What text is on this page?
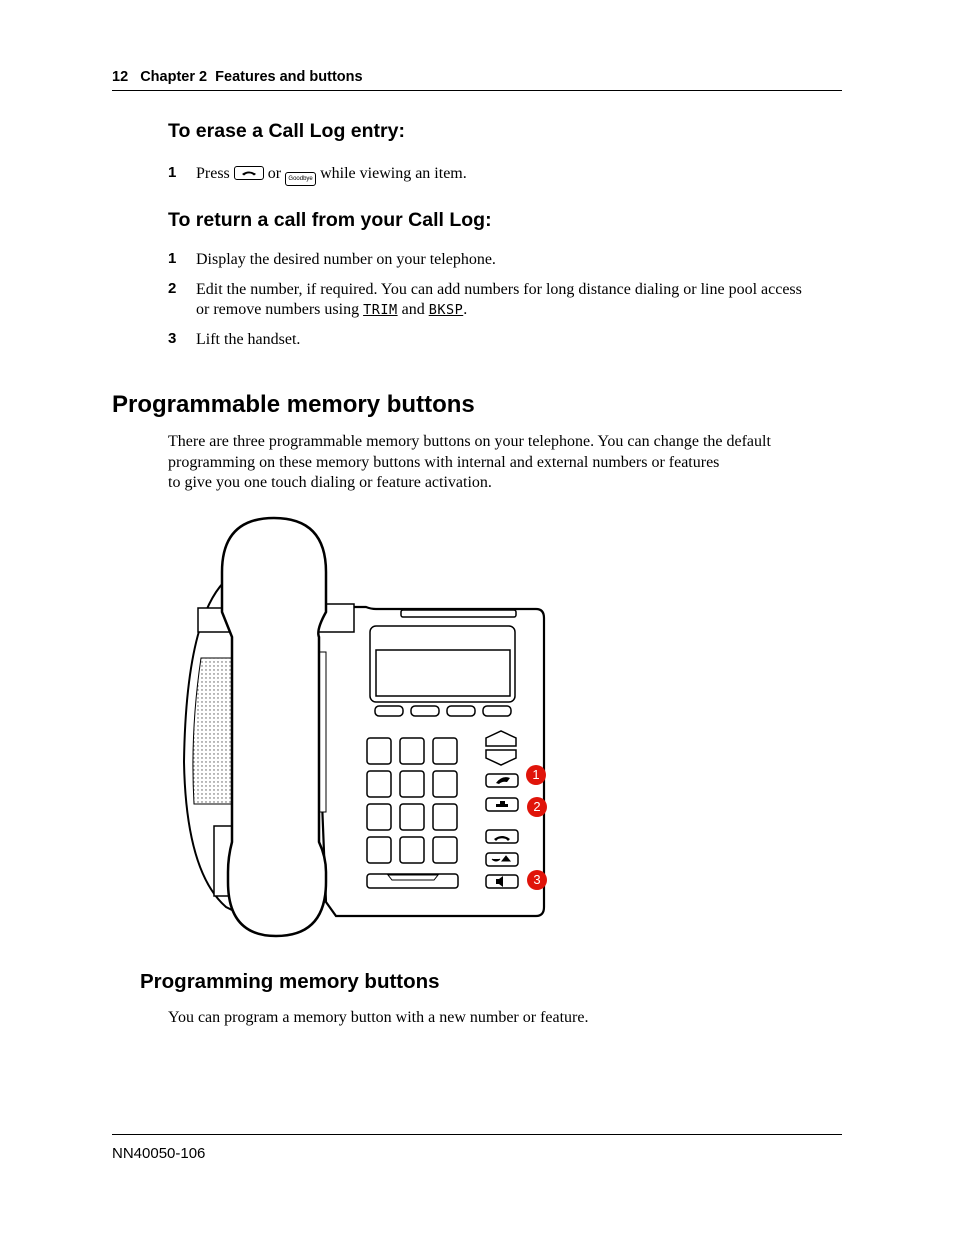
12   Chapter 2  Features and buttons
To erase a Call Log entry:
1 Press or Goodbye while viewing an item.
To return a call from your Call Log:
1 Display the desired number on your telephone.
2 Edit the number, if required. You can add numbers for long distance dialing or line pool access
or remove numbers using TRIM and BKSP.
3 Lift the handset.
Programmable memory buttons
There are three programmable memory buttons on your telephone. You can change the default
programming on these memory buttons with internal and external numbers or features
to give you one touch dialing or feature activation.
1
2
3
Programming memory buttons
You can program a memory button with a new number or feature.
NN40050-106
